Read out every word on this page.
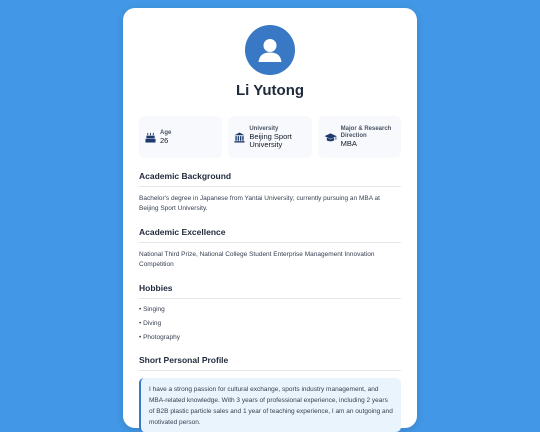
Li Yutong
Age
26
University
Beijing Sport University
Major & Research Direction
MBA
Academic Background
Bachelor's degree in Japanese from Yantai University; currently pursuing an MBA at Beijing Sport University.
Academic Excellence
National Third Prize, National College Student Enterprise Management Innovation Competition
Hobbies
• Singing
• Diving
• Photography
Short Personal Profile
I have a strong passion for cultural exchange, sports industry management, and MBA-related knowledge. With 3 years of professional experience, including 2 years of B2B plastic particle sales and 1 year of teaching experience, I am an outgoing and motivated person.
